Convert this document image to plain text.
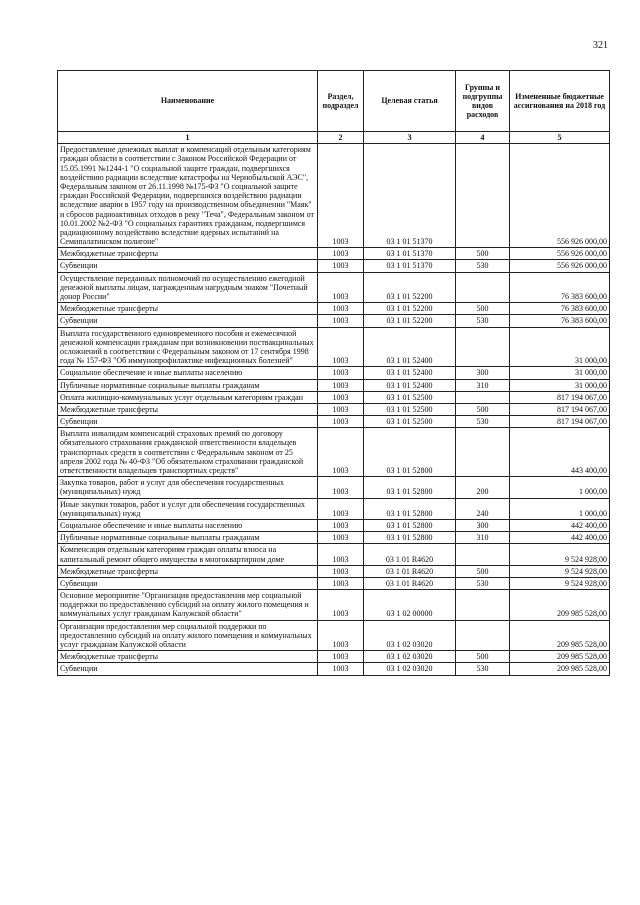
321
Наименование	Раздел, подраздел	Целевая статья	Группы и подгруппы видов расходов	Измененные бюджетные ассигнования на 2018 год
1	2	3	4	5
Предоставление денежных выплат и компенсаций отдельным категориям граждан области в соответствии с Законом Российской Федерации от 15.05.1991 №1244-1 "О социальной защите граждан, подвергшихся воздействию радиации вследствие катастрофы на Чернобыльской АЭС", Федеральным законом от 26.11.1998 №175-ФЗ "О социальной защите граждан Российской Федерации, подвергшихся воздействию радиации вследствие аварии в 1957 году на производственном объединении "Маяк" и сбросов радиоактивных отходов в реку "Теча", Федеральным законом от 10.01.2002 №2-ФЗ "О социальных гарантиях гражданам, подвергшимся радиационному воздействию вследствие ядерных испытаний на Семипалатинском полигоне"	1003	03 1 01 51370		556 926 000,00
Межбюджетные трансферты	1003	03 1 01 51370	500	556 926 000,00
Субвенции	1003	03 1 01 51370	530	556 926 000,00
Осуществление переданных полномочий по осуществлению ежегодной денежной выплаты лицам, награжденным нагрудным знаком "Почетный донор России"	1003	03 1 01 52200		76 383 600,00
Межбюджетные трансферты	1003	03 1 01 52200	500	76 383 600,00
Субвенции	1003	03 1 01 52200	530	76 383 600,00
Выплата государственного единовременного пособия и ежемесячной денежной компенсации гражданам при возникновении поствакцинальных осложнений в соответствии с Федеральным законом от 17 сентября 1998 года № 157-ФЗ "Об иммунопрофилактике инфекционных болезней"	1003	03 1 01 52400		31 000,00
Социальное обеспечение и иные выплаты населению	1003	03 1 01 52400	300	31 000,00
Публичные нормативные социальные выплаты гражданам	1003	03 1 01 52400	310	31 000,00
Оплата жилищно-коммунальных услуг отдельным категориям граждан	1003	03 1 01 52500		817 194 067,00
Межбюджетные трансферты	1003	03 1 01 52500	500	817 194 067,00
Субвенции	1003	03 1 01 52500	530	817 194 067,00
Выплата инвалидам компенсаций страховых премий по договору обязательного страхования гражданской ответственности владельцев транспортных средств в соответствии с Федеральным законом от 25 апреля 2002 года № 40-ФЗ "Об обязательном страховании гражданской ответственности владельцев транспортных средств"	1003	03 1 01 52800		443 400,00
Закупка товаров, работ и услуг для обеспечения государственных (муниципальных) нужд	1003	03 1 01 52800	200	1 000,00
Иные закупки товаров, работ и услуг для обеспечения государственных (муниципальных) нужд	1003	03 1 01 52800	240	1 000,00
Социальное обеспечение и иные выплаты населению	1003	03 1 01 52800	300	442 400,00
Публичные нормативные социальные выплаты гражданам	1003	03 1 01 52800	310	442 400,00
Компенсация отдельным категориям граждан оплаты взноса на капитальный ремонт общего имущества в многоквартирном доме	1003	03 1 01 R4620		9 524 928,00
Межбюджетные трансферты	1003	03 1 01 R4620	500	9 524 928,00
Субвенции	1003	03 1 01 R4620	530	9 524 928,00
Основное мероприятие "Организация предоставления мер социальной поддержки по предоставлению субсидий на оплату жилого помещения и коммунальных услуг гражданам Калужской области"	1003	03 1 02 00000		209 985 528,00
Организация предоставления мер социальной поддержки по предоставлению субсидий на оплату жилого помещения и коммунальных услуг гражданам Калужской области	1003	03 1 02 03020		209 985 528,00
Межбюджетные трансферты	1003	03 1 02 03020	500	209 985 528,00
Субвенции	1003	03 1 02 03020	530	209 985 528,00
